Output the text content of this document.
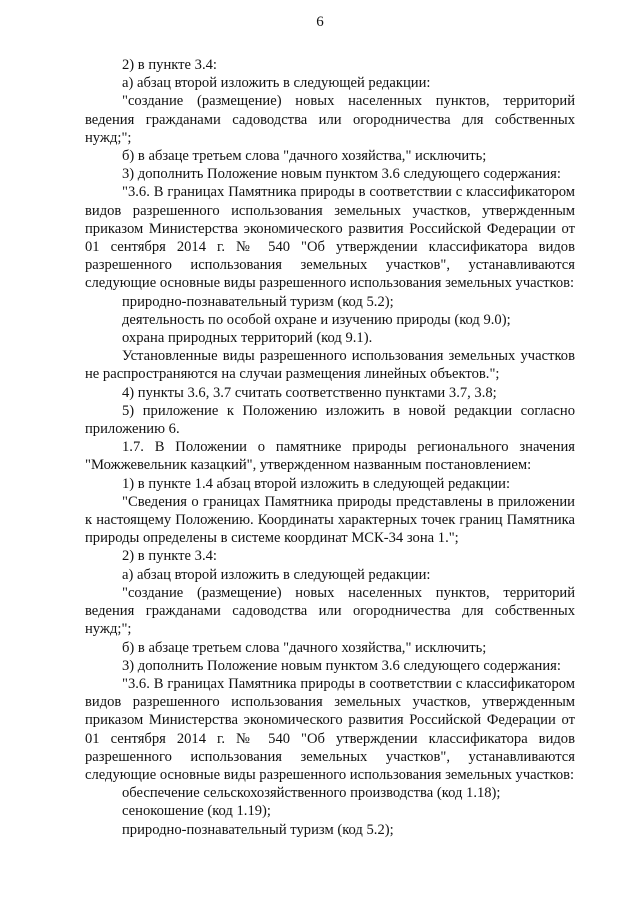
6

2) в пункте 3.4:

а) абзац второй изложить в следующей редакции:

"создание (размещение) новых населенных пунктов, территорий ведения гражданами садоводства или огородничества для собственных нужд;";

б) в абзаце третьем слова "дачного хозяйства," исключить;

3) дополнить Положение новым пунктом 3.6 следующего содержания:

"3.6. В границах Памятника природы в соответствии с классификатором видов разрешенного использования земельных участков, утвержденным приказом Министерства экономического развития Российской Федерации от 01 сентября 2014 г. № 540 "Об утверждении классификатора видов разрешенного использования земельных участков", устанавливаются следующие основные виды разрешенного использования земельных участков:

природно-познавательный туризм (код 5.2);

деятельность по особой охране и изучению природы (код 9.0);

охрана природных территорий (код 9.1).

Установленные виды разрешенного использования земельных участков не распространяются на случаи размещения линейных объектов.";

4) пункты 3.6, 3.7 считать соответственно пунктами 3.7, 3.8;

5) приложение к Положению изложить в новой редакции согласно приложению 6.

1.7. В Положении о памятнике природы регионального значения "Можжевельник казацкий", утвержденном названным постановлением:

1) в пункте 1.4 абзац второй изложить в следующей редакции:

"Сведения о границах Памятника природы представлены в приложении к настоящему Положению. Координаты характерных точек границ Памятника природы определены в системе координат МСК-34 зона 1.";

2) в пункте 3.4:

а) абзац второй изложить в следующей редакции:

"создание (размещение) новых населенных пунктов, территорий ведения гражданами садоводства или огородничества для собственных нужд;";

б) в абзаце третьем слова "дачного хозяйства," исключить;

3) дополнить Положение новым пунктом 3.6 следующего содержания:

"3.6. В границах Памятника природы в соответствии с классификатором видов разрешенного использования земельных участков, утвержденным приказом Министерства экономического развития Российской Федерации от 01 сентября 2014 г. № 540 "Об утверждении классификатора видов разрешенного использования земельных участков", устанавливаются следующие основные виды разрешенного использования земельных участков:

обеспечение сельскохозяйственного производства (код 1.18);

сенокошение (код 1.19);

природно-познавательный туризм (код 5.2);
